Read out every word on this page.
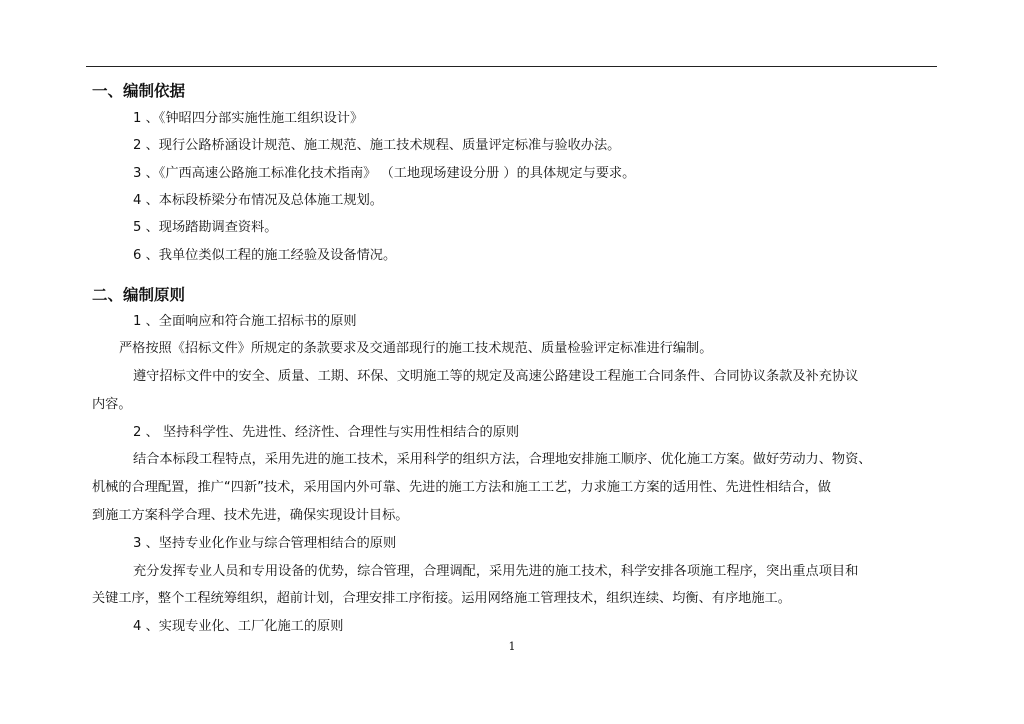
一、编制依据
1 、《钟昭四分部实施性施工组织设计》
2 、现行公路桥涵设计规范、施工规范、施工技术规程、质量评定标准与验收办法。
3 、《广西高速公路施工标准化技术指南》 （工地现场建设分册 ）的具体规定与要求。
4 、本标段桥梁分布情况及总体施工规划。
5 、现场踏勘调查资料。
6 、我单位类似工程的施工经验及设备情况。
二、编制原则
1 、全面响应和符合施工招标书的原则
严格按照《招标文件》所规定的条款要求及交通部现行的施工技术规范、质量检验评定标准进行编制。
遵守招标文件中的安全、质量、工期、环保、文明施工等的规定及高速公路建设工程施工合同条件、合同协议条款及补充协议
内容。
2 、 坚持科学性、先进性、经济性、合理性与实用性相结合的原则
结合本标段工程特点，采用先进的施工技术，采用科学的组织方法，合理地安排施工顺序、优化施工方案。做好劳动力、物资、
机械的合理配置，推广“四新”技术，采用国内外可靠、先进的施工方法和施工工艺，力求施工方案的适用性、先进性相结合，做
到施工方案科学合理、技术先进，确保实现设计目标。
3 、坚持专业化作业与综合管理相结合的原则
充分发挥专业人员和专用设备的优势，综合管理，合理调配，采用先进的施工技术，科学安排各项施工程序，突出重点项目和
关键工序，整个工程统筹组织，超前计划，合理安排工序衔接。运用网络施工管理技术，组织连续、均衡、有序地施工。
4 、实现专业化、工厂化施工的原则
1
